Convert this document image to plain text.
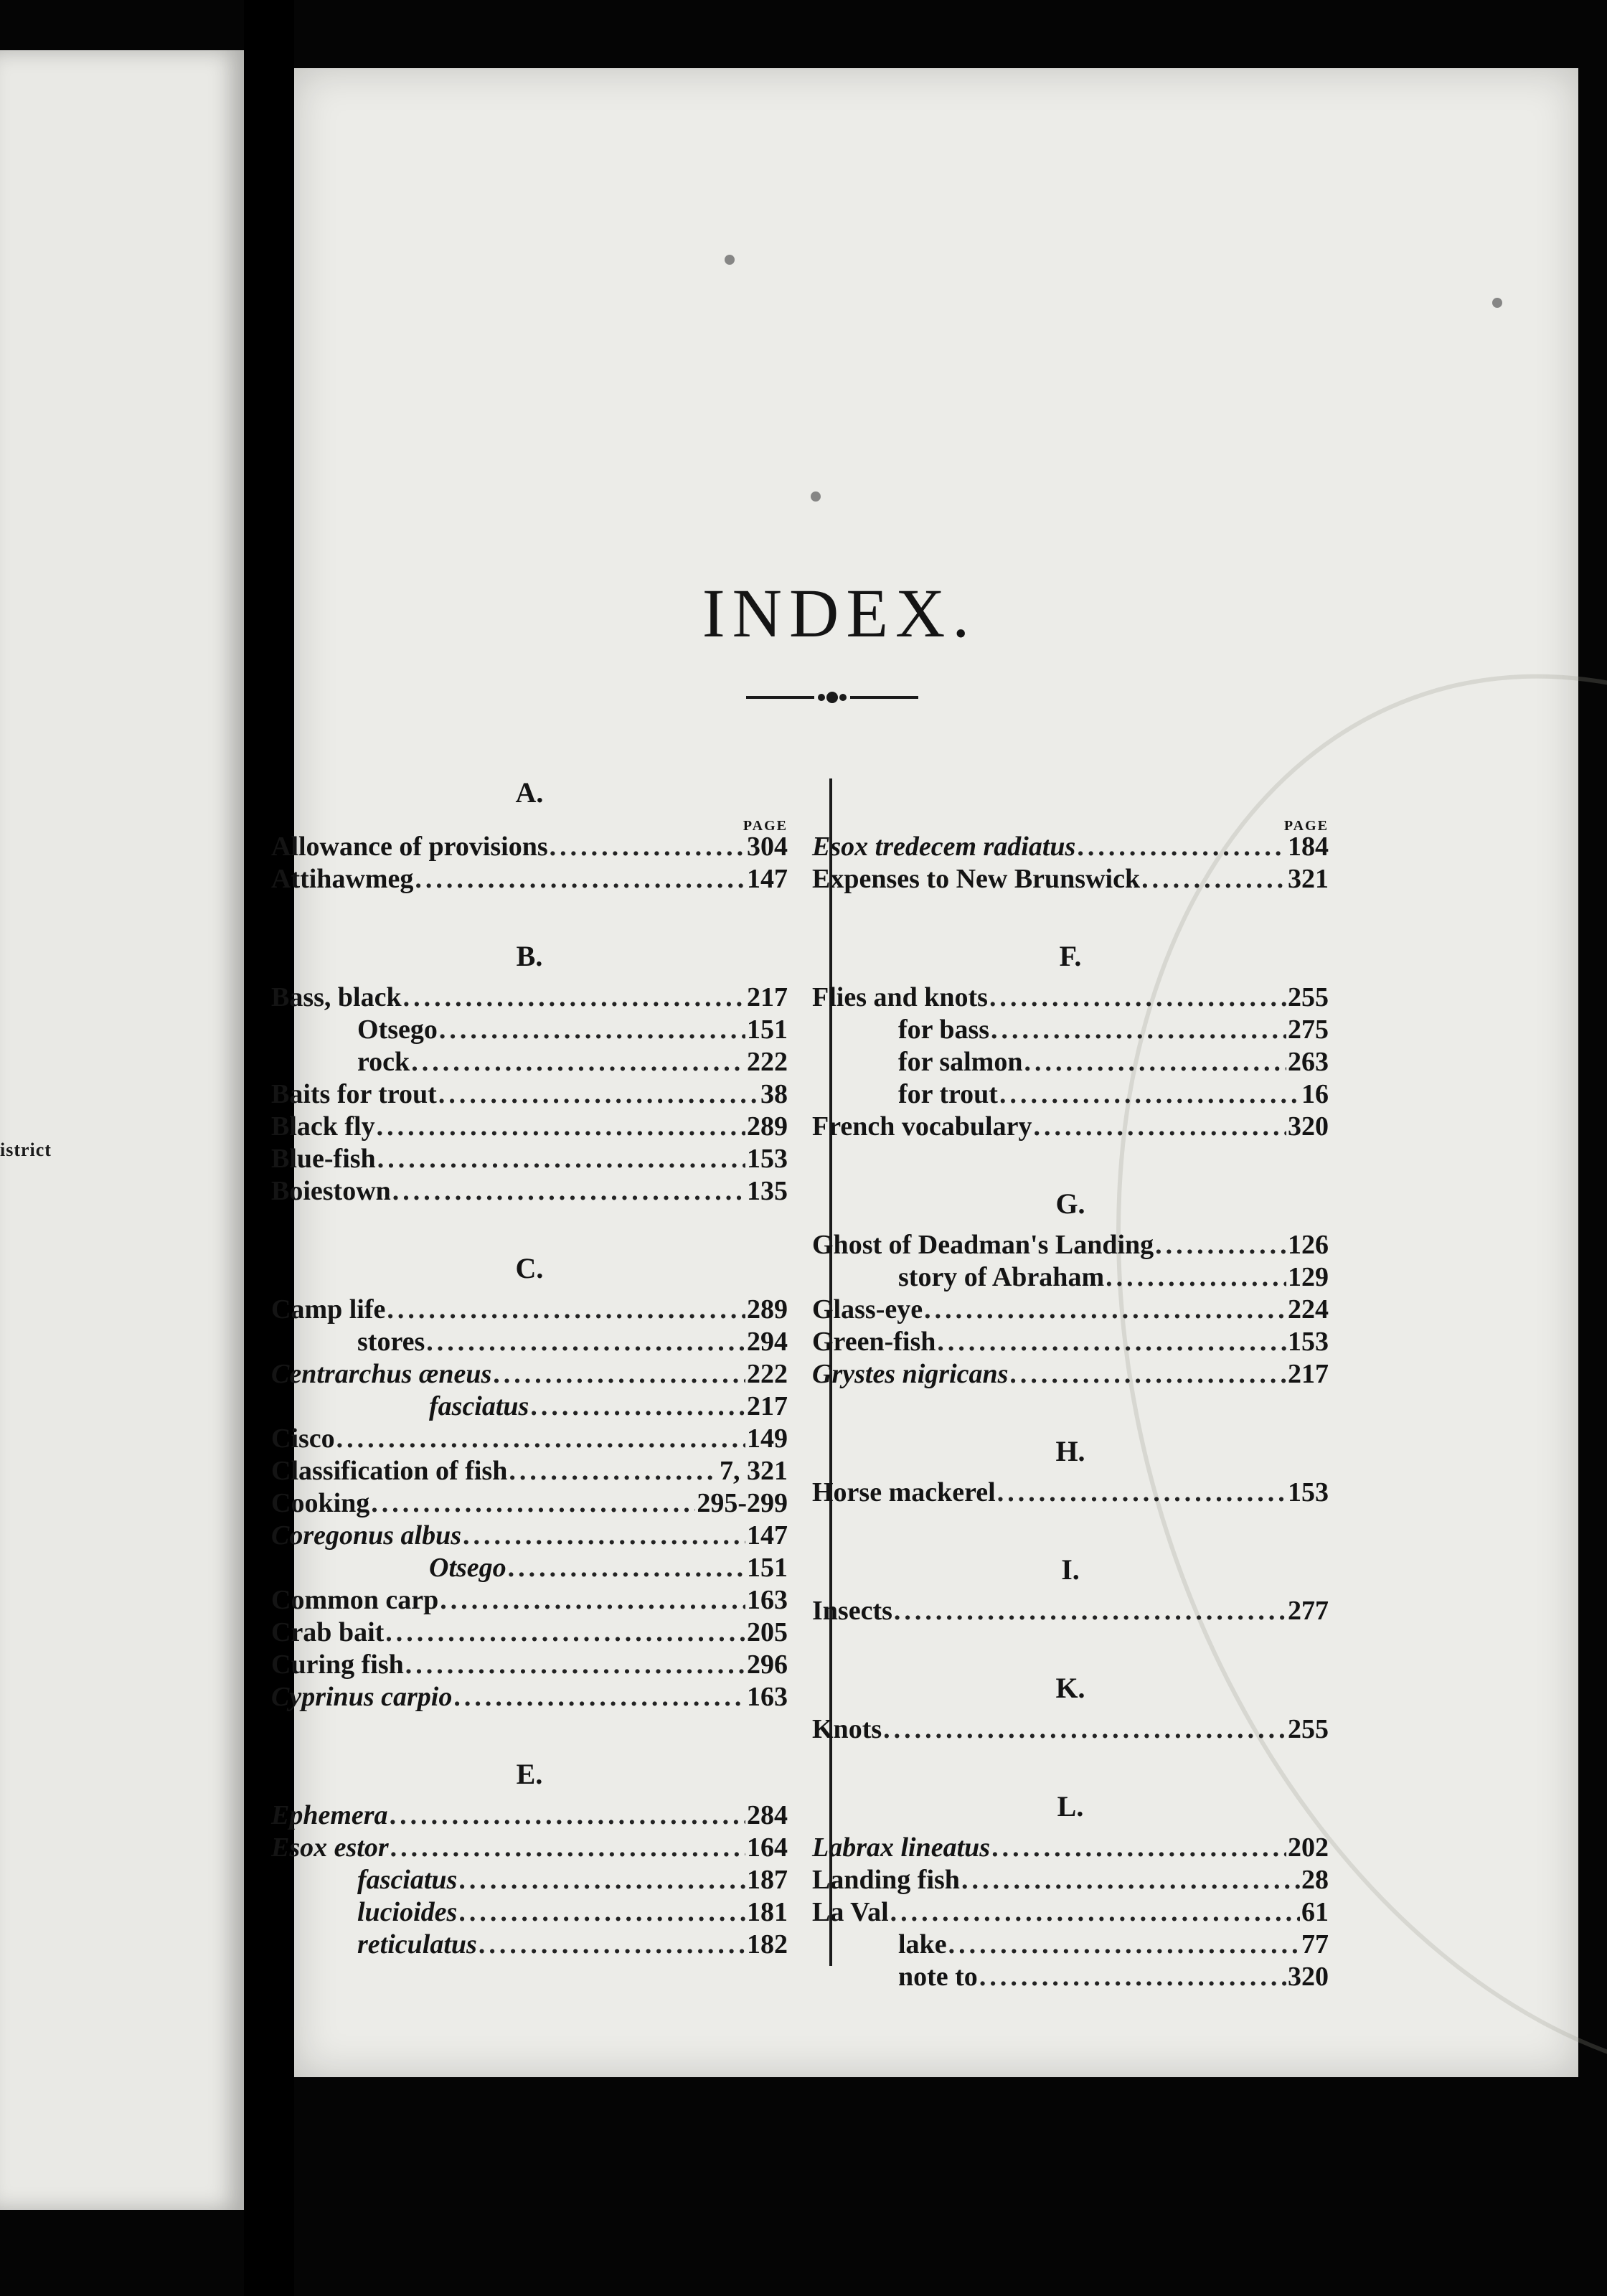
istrict
INDEX.
A.
PAGE
Allowance of provisions .....	304
Attihawmeg .....	147
B.
Bass, black .....	217
Otsego .....	151
rock .....	222
Baits for trout .....	38
Black fly .....	289
Blue-fish .....	153
Boiestown .....	135
C.
Camp life .....	289
stores .....	294
Centrarchus æneus .....	222
fasciatus .....	217
Cisco .....	149
Classification of fish .....	7, 321
Cooking .....	295-299
Coregonus albus .....	147
Otsego .....	151
Common carp .....	163
Crab bait .....	205
Curing fish .....	296
Cyprinus carpio .....	163
E.
Ephemera .....	284
Esox estor .....	164
fasciatus .....	187
lucioides .....	181
reticulatus .....	182
PAGE
Esox tredecem radiatus .....	184
Expenses to New Brunswick .....	321
F.
Flies and knots .....	255
for bass .....	275
for salmon .....	263
for trout .....	16
French vocabulary .....	320
G.
Ghost of Deadman's Landing .....	126
story of Abraham .....	129
Glass-eye .....	224
Green-fish .....	153
Grystes nigricans .....	217
H.
Horse mackerel .....	153
I.
Insects .....	277
K.
Knots .....	255
L.
Labrax lineatus .....	202
Landing fish .....	28
La Val .....	61
lake .....	77
note to .....	320
